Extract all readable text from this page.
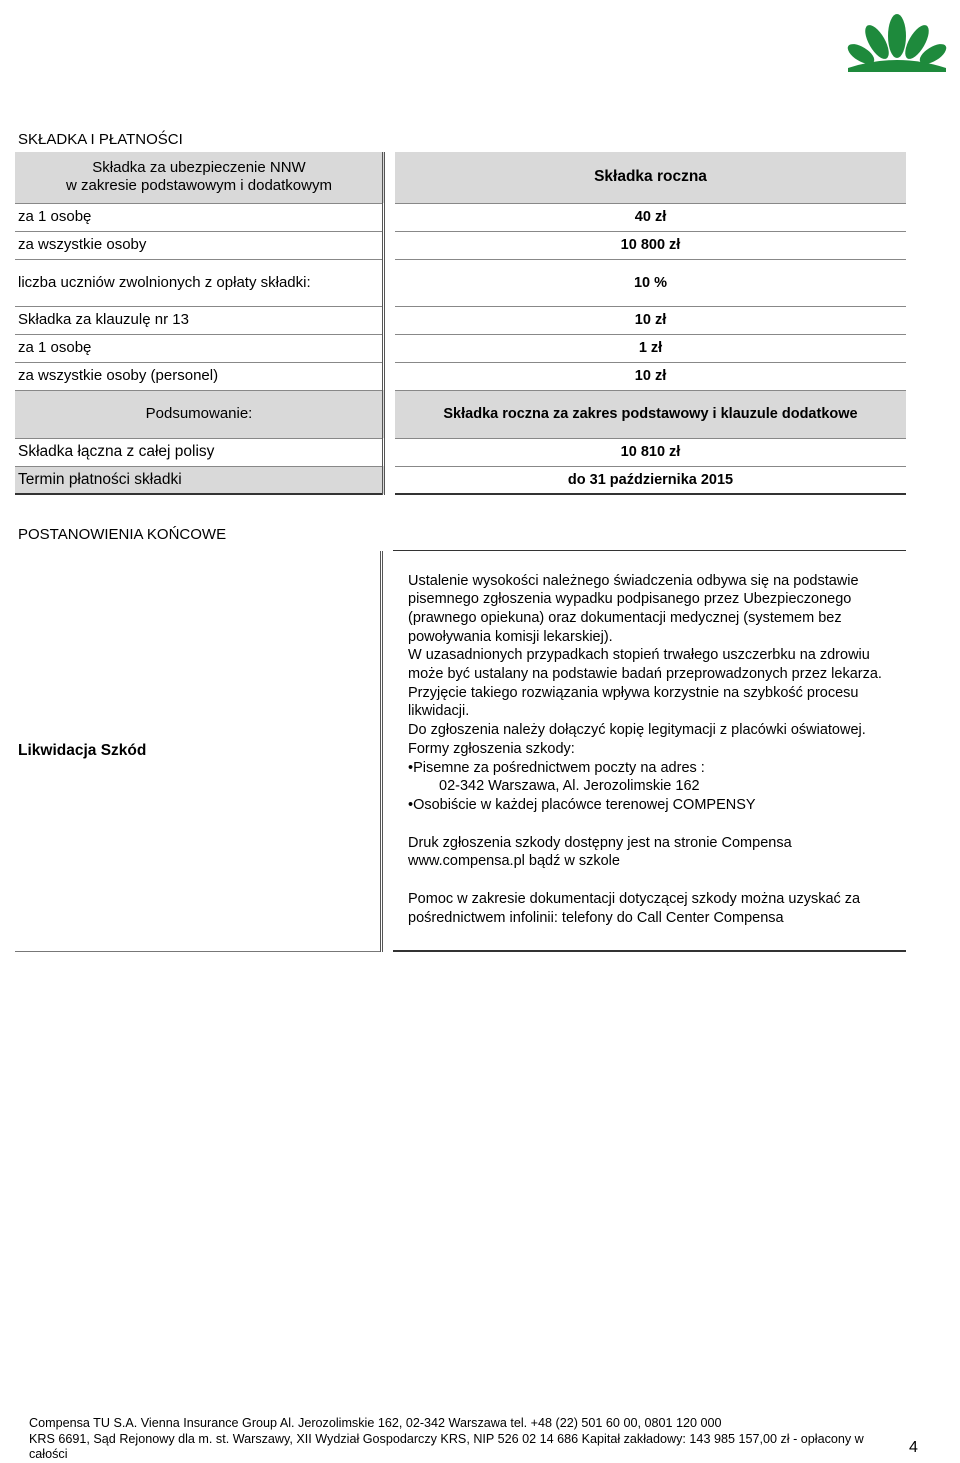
SKŁADKA I PŁATNOŚCI
Składka za ubezpieczenie NNW
w zakresie podstawowym i dodatkowym		Składka roczna
za 1 osobę		40 zł
za wszystkie osoby		10 800 zł
liczba uczniów zwolnionych z opłaty składki:		10 %
Składka za klauzulę nr 13		10 zł
za 1 osobę		1 zł
za wszystkie osoby (personel)		10 zł
Podsumowanie:		Składka roczna za zakres podstawowy i klauzule dodatkowe
Składka łączna z całej polisy		10 810 zł
Termin płatności składki		do 31 października 2015
POSTANOWIENIA KOŃCOWE
Likwidacja Szkód		

Ustalenie wysokości należnego świadczenia odbywa się na podstawie pisemnego zgłoszenia wypadku podpisanego przez Ubezpieczonego (prawnego opiekuna) oraz dokumentacji medycznej (systemem bez powoływania komisji lekarskiej).

W uzasadnionych przypadkach stopień trwałego uszczerbku na zdrowiu może być ustalany na podstawie badań przeprowadzonych przez lekarza. Przyjęcie takiego rozwiązania wpływa korzystnie na szybkość procesu likwidacji.

Do zgłoszenia należy dołączyć kopię legitymacji z placówki oświatowej.

Formy zgłoszenia szkody:

•Pisemne za pośrednictwem poczty na adres :

02-342 Warszawa, Al. Jerozolimskie 162

•Osobiście w każdej placówce terenowej COMPENSY

Druk zgłoszenia szkody dostępny jest na stronie Compensa www.compensa.pl bądź w szkole

Pomoc w zakresie dokumentacji dotyczącej szkody można uzyskać za pośrednictwem infolinii: telefony do Call Center Compensa

Compensa TU S.A. Vienna Insurance Group Al. Jerozolimskie 162, 02-342 Warszawa tel. +48 (22) 501 60 00, 0801 120 000
KRS 6691, Sąd Rejonowy dla m. st. Warszawy, XII Wydział Gospodarczy KRS, NIP 526 02 14 686 Kapitał zakładowy: 143 985 157,00 zł - opłacony w całości	4
